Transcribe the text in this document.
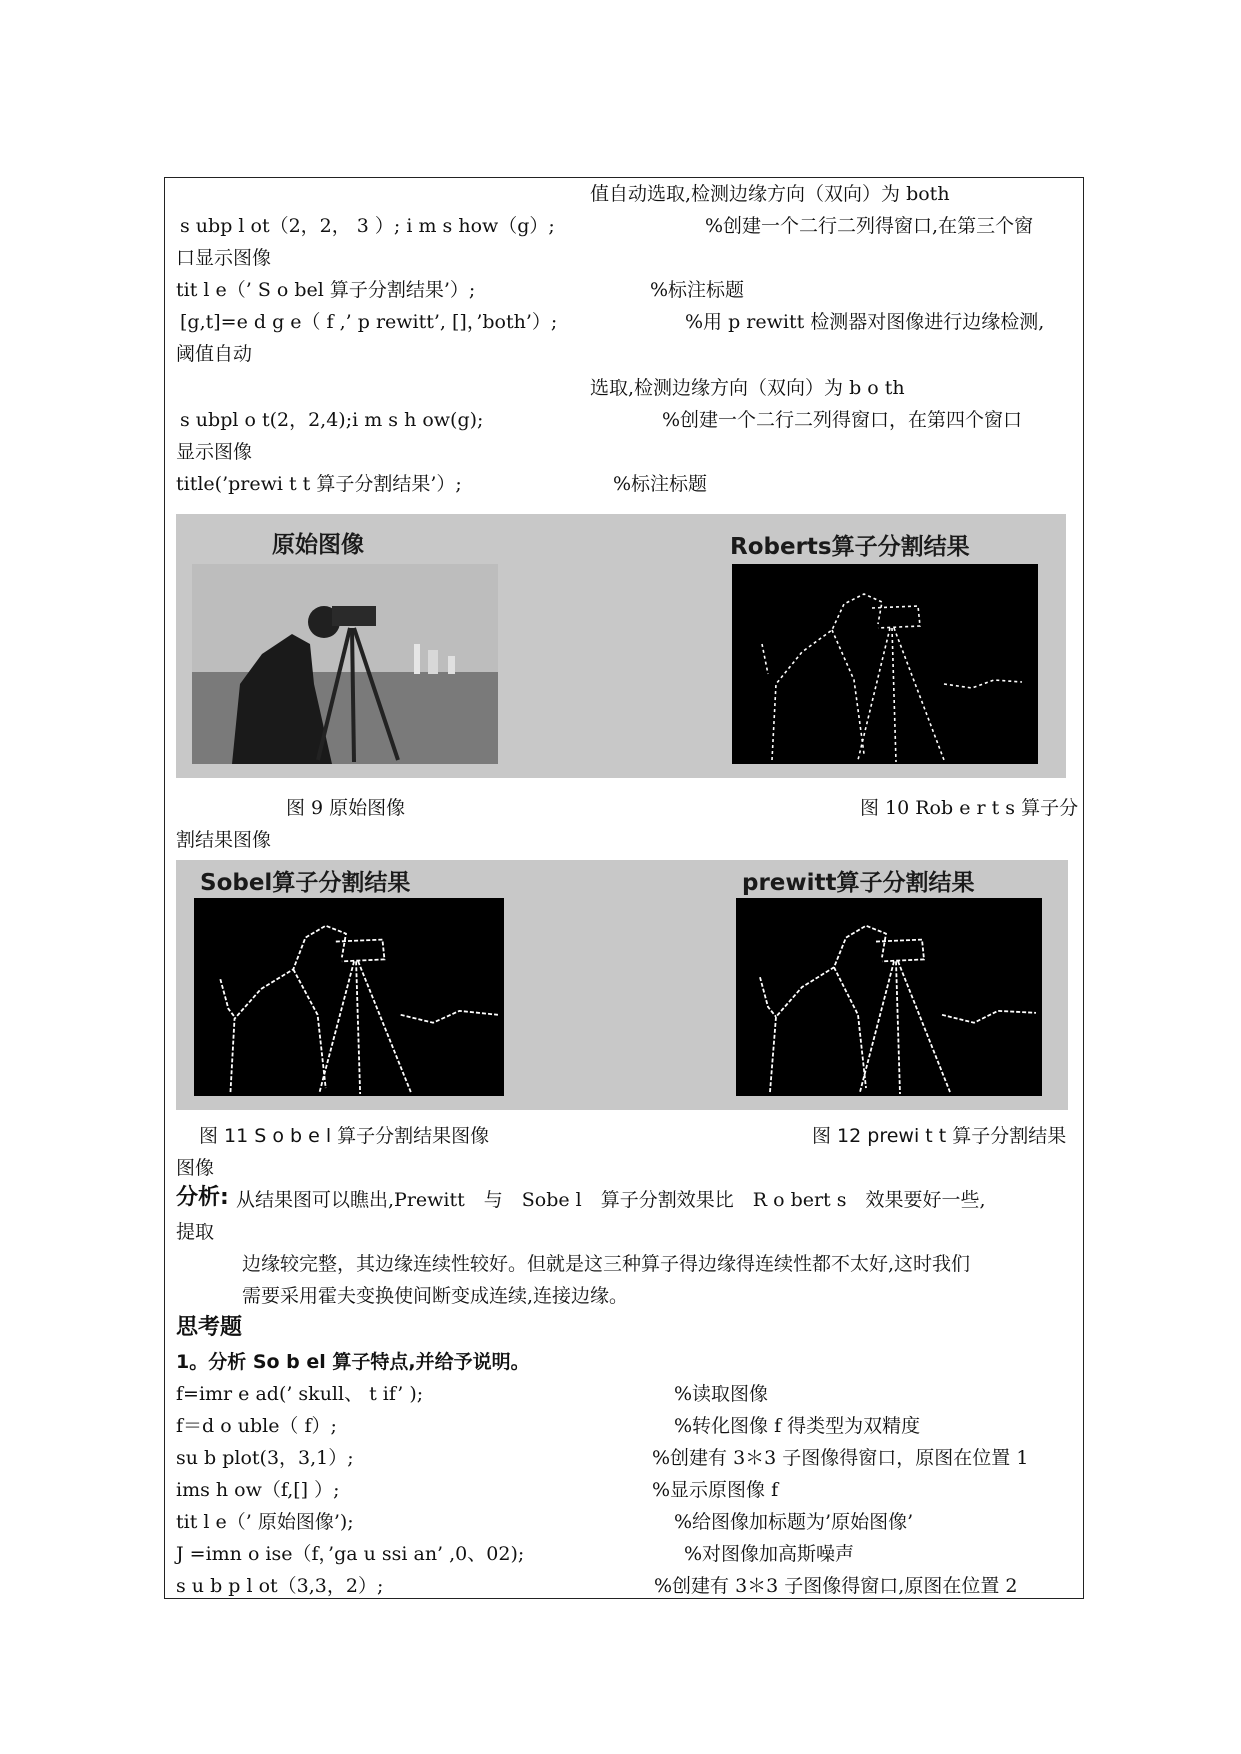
值自动选取,检测边缘方向（双向）为 both
s ubp l ot（2，2， 3 ）; i m s how（g）;	%创建一个二行二列得窗口,在第三个窗
口显示图像
tit l e（’ S o bel 算子分割结果’）;	%标注标题
[g,t]=e d g e（ f ,’ p rewitt’, []，’both’）;	%用 p rewitt 检测器对图像进行边缘检测,
阈值自动
选取,检测边缘方向（双向）为 b o th
s ubpl o t(2，2,4);i m s h ow(g);	%创建一个二行二列得窗口，在第四个窗口
显示图像
title(’prewi t t 算子分割结果’）;	%标注标题
原始图像	Roberts算子分割结果
图 9 原始图像	图 10 Rob e r t s 算子分
割结果图像
Sobel算子分割结果	prewitt算子分割结果
图 11 S o b e l 算子分割结果图像	图 12 prewi t t 算子分割结果
图像
分析: 从结果图可以瞧出,Prewitt　与　Sobe l　算子分割效果比　R o bert s　效果要好一些,
提取
边缘较完整，其边缘连续性较好。但就是这三种算子得边缘得连续性都不太好,这时我们
需要采用霍夫变换使间断变成连续,连接边缘。
思考题
1。分析 So b el 算子特点,并给予说明。
f=imr e ad(’ skull、 t if’ );	%读取图像
f＝d o uble（ f）;	%转化图像 f 得类型为双精度
su b plot(3，3,1）;	%创建有 3＊3 子图像得窗口，原图在位置 1
ims h ow（f,[] ）;	%显示原图像 f
tit l e（’ 原始图像’);	%给图像加标题为’原始图像’
J =imn o ise（f，’ga u ssi an’ ,0、02);	%对图像加高斯噪声
s u b p l ot（3,3，2）;	%创建有 3＊3 子图像得窗口,原图在位置 2
